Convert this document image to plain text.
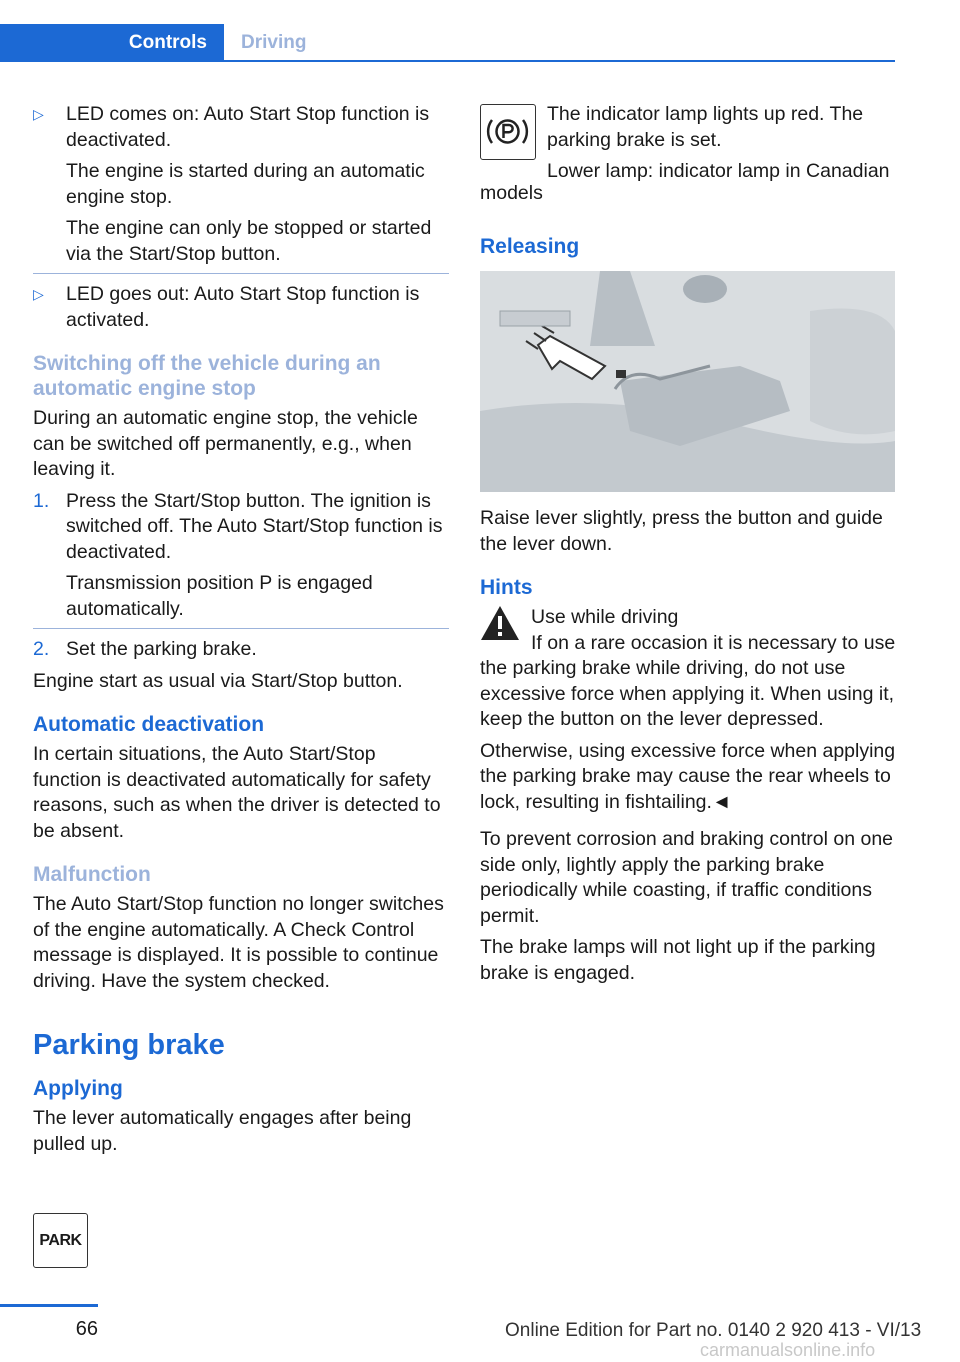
Controls	Driving
▷ LED comes on: Auto Start Stop function is deactivated.

The engine is started during an automatic engine stop.

The engine can only be stopped or started via the Start/Stop button.

▷ LED goes out: Auto Start Stop function is activated.

Switching off the vehicle during an automatic engine stop

During an automatic engine stop, the vehicle can be switched off permanently, e.g., when leaving it.

1. Press the Start/Stop button. The ignition is switched off. The Auto Start/Stop function is deactivated.

Transmission position P is engaged automatically.

2. Set the parking brake.

Engine start as usual via Start/Stop button.

Automatic deactivation

In certain situations, the Auto Start/Stop function is deactivated automatically for safety reasons, such as when the driver is detected to be absent.

Malfunction

The Auto Start/Stop function no longer switches of the engine automatically. A Check Control message is displayed. It is possible to continue driving. Have the system checked.

Parking brake
Applying

The lever automatically engages after being pulled up.

PARK

The indicator lamp lights up red. The parking brake is set.

Lower lamp: indicator lamp in Canadian

models
Releasing

Raise lever slightly, press the button and guide the lever down.

Hints

Use while driving

If on a rare occasion it is necessary to use the parking brake while driving, do not use excessive force when applying it. When using it, keep the button on the lever depressed.

Otherwise, using excessive force when applying the parking brake may cause the rear wheels to lock, resulting in fishtailing.◄

To prevent corrosion and braking control on one side only, lightly apply the parking brake periodically while coasting, if traffic conditions permit.

The brake lamps will not light up if the parking brake is engaged.

66	Online Edition for Part no. 0140 2 920 413 - VI/13
carmanualsonline.info
